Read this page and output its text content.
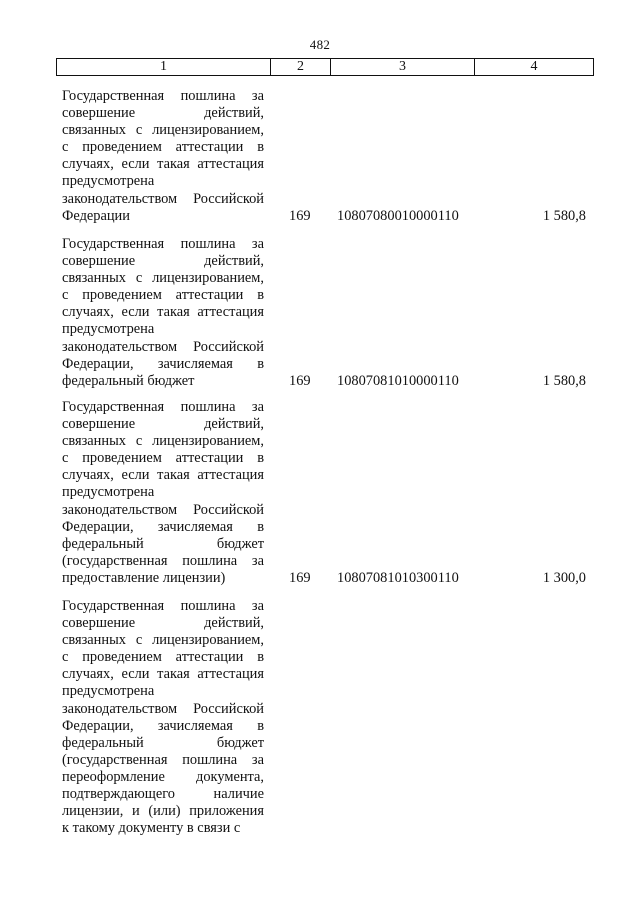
482
1	2	3	4
Государственная пошлина за
совершение действий,
связанных с лицензированием,
с проведением аттестации в
случаях, если такая аттестация
предусмотрена
законодательством Российской
Федерации	169	10807080010000110	1 580,8
Государственная пошлина за
совершение действий,
связанных с лицензированием,
с проведением аттестации в
случаях, если такая аттестация
предусмотрена
законодательством Российской
Федерации, зачисляемая в
федеральный бюджет	169	10807081010000110	1 580,8
Государственная пошлина за
совершение действий,
связанных с лицензированием,
с проведением аттестации в
случаях, если такая аттестация
предусмотрена
законодательством Российской
Федерации, зачисляемая в
федеральный бюджет
(государственная пошлина за
предоставление лицензии)	169	10807081010300110	1 300,0
Государственная пошлина за
совершение действий,
связанных с лицензированием,
с проведением аттестации в
случаях, если такая аттестация
предусмотрена
законодательством Российской
Федерации, зачисляемая в
федеральный бюджет
(государственная пошлина за
переоформление документа,
подтверждающего наличие
лицензии, и (или) приложения
к такому документу в связи с
